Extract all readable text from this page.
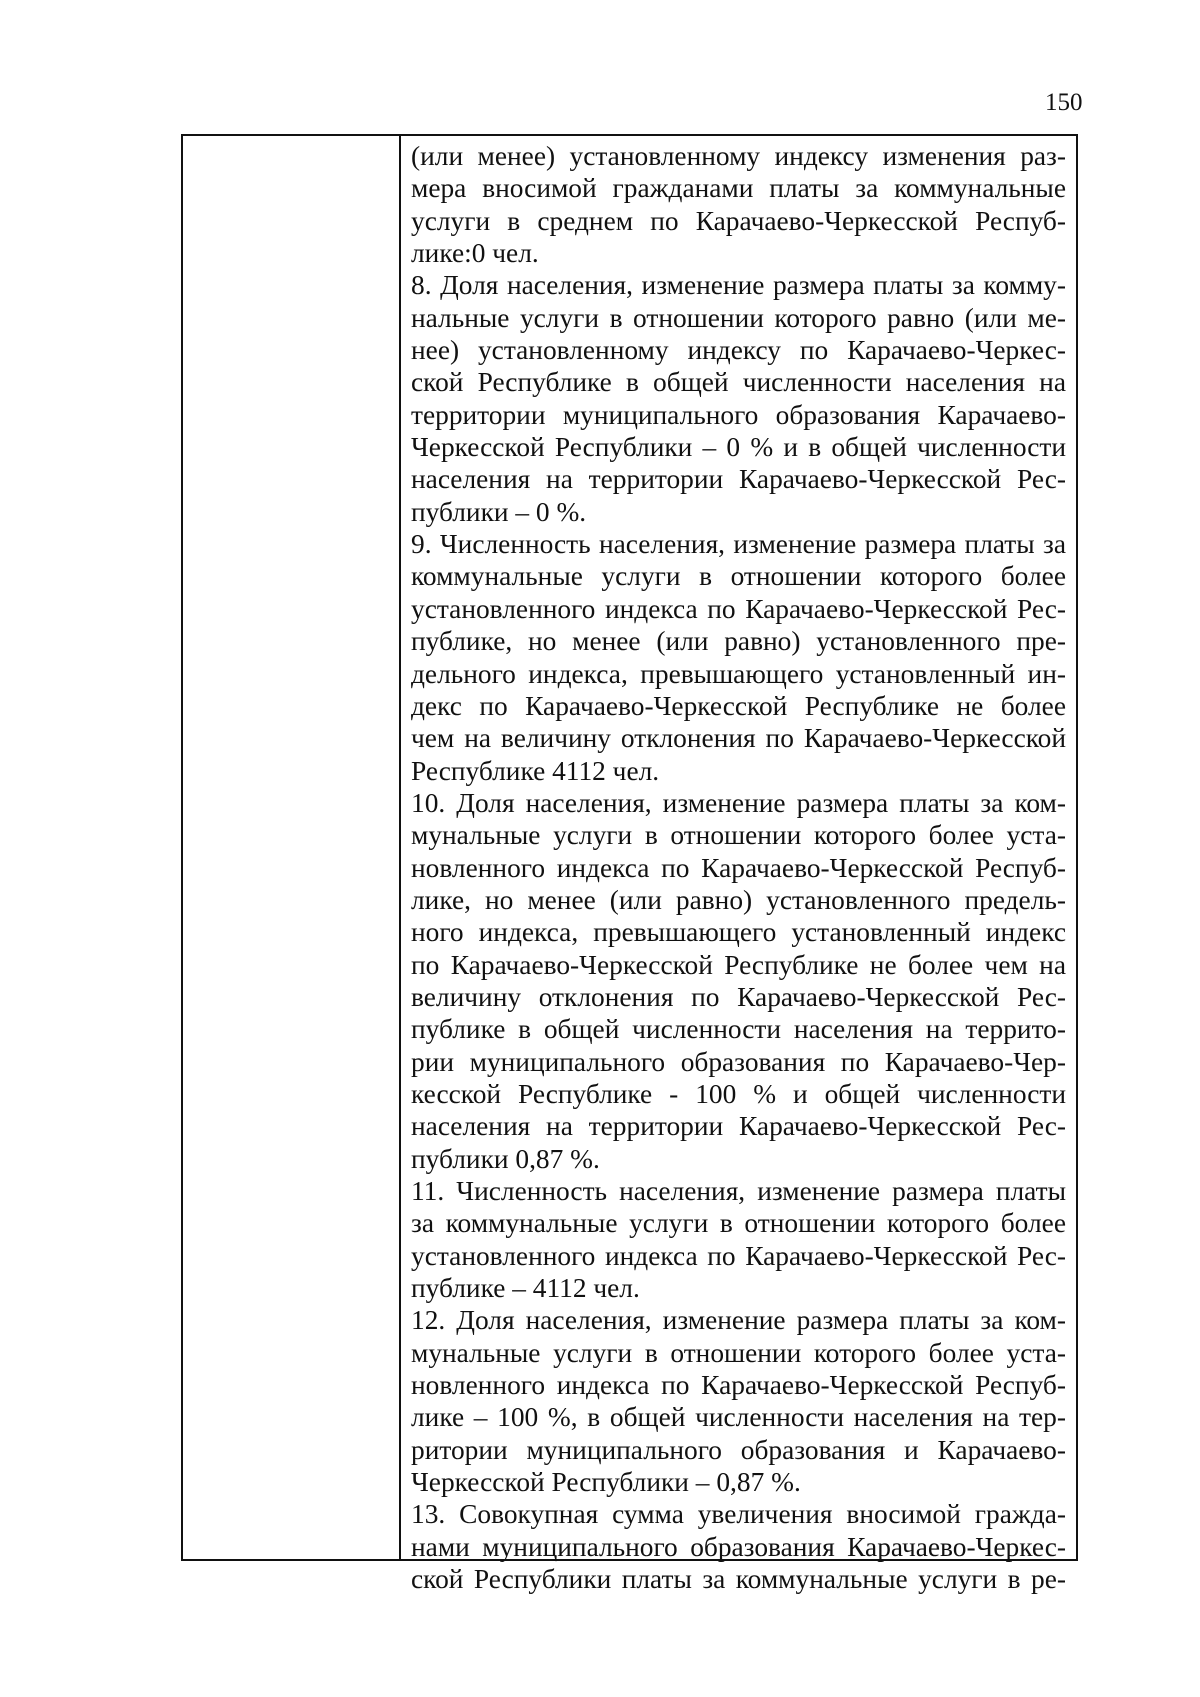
150
(или менее) установленному индексу изменения раз-
мера вносимой гражданами платы за коммунальные
услуги в среднем по Карачаево-Черкесской Респуб-
лике:0 чел.
8. Доля населения, изменение размера платы за комму-
нальные услуги в отношении которого равно (или ме-
нее) установленному индексу по Карачаево-Черкес-
ской Республике в общей численности населения на
территории муниципального образования Карачаево-
Черкесской Республики – 0 % и в общей численности
населения на территории Карачаево-Черкесской Рес-
публики – 0 %.
9. Численность населения, изменение размера платы за
коммунальные услуги в отношении которого более
установленного индекса по Карачаево-Черкесской Рес-
публике, но менее (или равно) установленного пре-
дельного индекса, превышающего установленный ин-
декс по Карачаево-Черкесской Республике не более
чем на величину отклонения по Карачаево-Черкесской
Республике 4112 чел.
10. Доля населения, изменение размера платы за ком-
мунальные услуги в отношении которого более уста-
новленного индекса по Карачаево-Черкесской Респуб-
лике, но менее (или равно) установленного предель-
ного индекса, превышающего установленный индекс
по Карачаево-Черкесской Республике не более чем на
величину отклонения по Карачаево-Черкесской Рес-
публике в общей численности населения на террито-
рии муниципального образования по Карачаево-Чер-
кесской Республике - 100 % и общей численности
населения на территории Карачаево-Черкесской Рес-
публики 0,87 %.
11. Численность населения, изменение размера платы
за коммунальные услуги в отношении которого более
установленного индекса по Карачаево-Черкесской Рес-
публике – 4112 чел.
12. Доля населения, изменение размера платы за ком-
мунальные услуги в отношении которого более уста-
новленного индекса по Карачаево-Черкесской Респуб-
лике – 100 %, в общей численности населения на тер-
ритории муниципального образования и Карачаево-
Черкесской Республики – 0,87 %.
13. Совокупная сумма увеличения вносимой гражда-
нами муниципального образования Карачаево-Черкес-
ской Республики платы за коммунальные услуги в ре-
